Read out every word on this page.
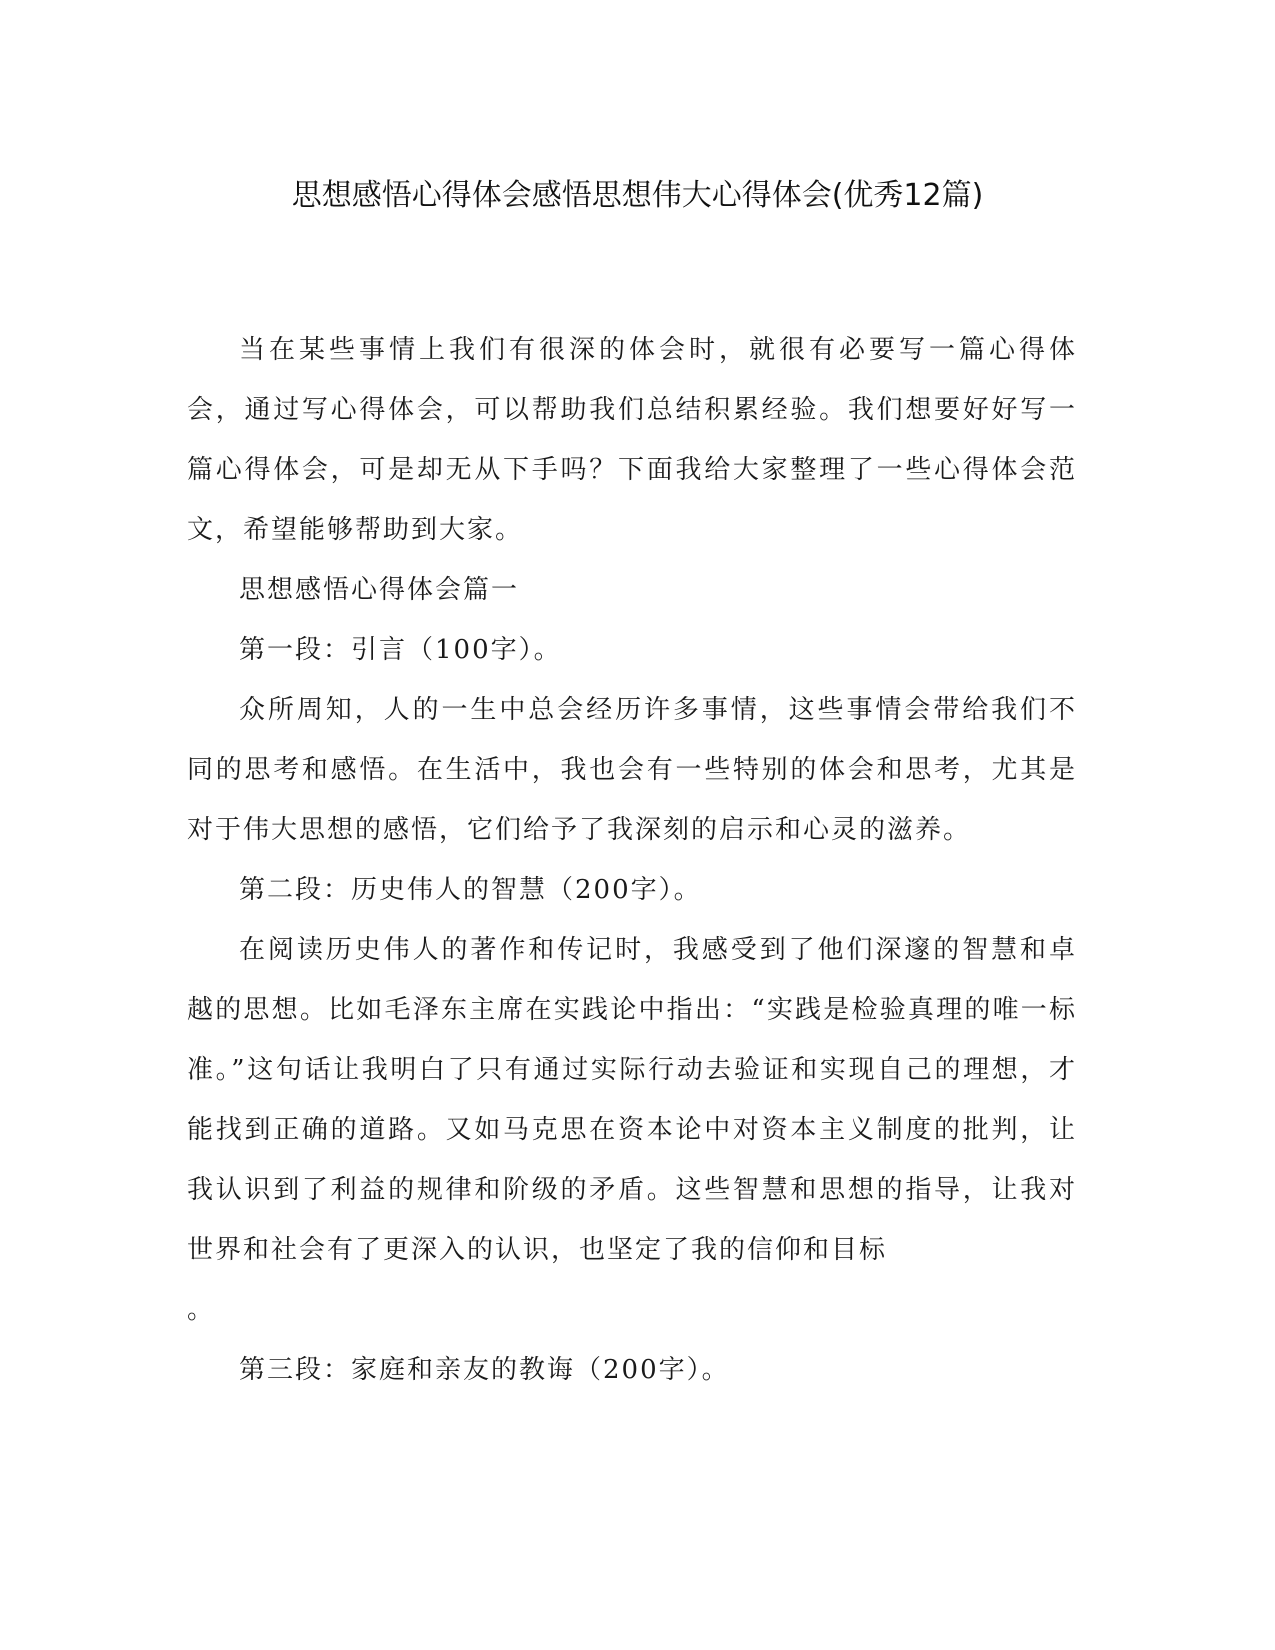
思想感悟心得体会感悟思想伟大心得体会(优秀12篇)

当在某些事情上我们有很深的体会时，就很有必要写一篇心得体会，通过写心得体会，可以帮助我们总结积累经验。我们想要好好写一篇心得体会，可是却无从下手吗？下面我给大家整理了一些心得体会范文，希望能够帮助到大家。

思想感悟心得体会篇一

第一段：引言（100字）。

众所周知，人的一生中总会经历许多事情，这些事情会带给我们不同的思考和感悟。在生活中，我也会有一些特别的体会和思考，尤其是对于伟大思想的感悟，它们给予了我深刻的启示和心灵的滋养。

第二段：历史伟人的智慧（200字）。

在阅读历史伟人的著作和传记时，我感受到了他们深邃的智慧和卓越的思想。比如毛泽东主席在实践论中指出：“实践是检验真理的唯一标准。”这句话让我明白了只有通过实际行动去验证和实现自己的理想，才能找到正确的道路。又如马克思在资本论中对资本主义制度的批判，让我认识到了利益的规律和阶级的矛盾。这些智慧和思想的指导，让我对世界和社会有了更深入的认识，也坚定了我的信仰和目标

。

第三段：家庭和亲友的教诲（200字）。
